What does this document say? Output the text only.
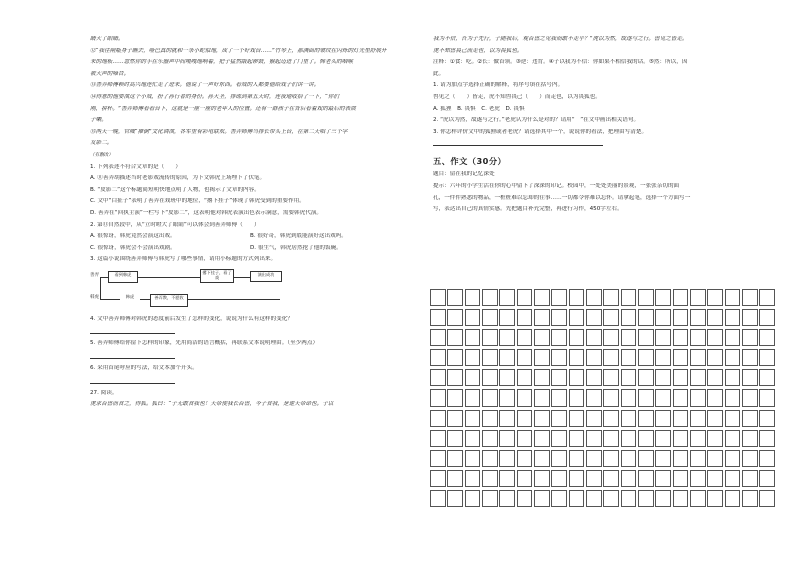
睛大了眼睛。
⑫“我往闸瓶身子瞧去，哑巴真的就和一条小蛇似地，成了一个好戏台……”竹琴上，那满面的皱纹在闪烁的灯光里舒展开
来的地板……忽然你的手在乐器声中间嘎嘎地响着，把子猛然敲起锣鼓，猴起迈进了门里了。韩老头的咽喉
被大声的嗓音。
⑬善弄师傅顿时高兴地连忙走了进来。他说了一声好东西。看戏的人都要他给戏子们讲一讲。
⑭得意的他要演这个小戏，扮了孙行者的身份。孙大圣，排练到第五天时，连夜地收拾了一下，“你们
刚，拼杯。”善弄师傅看看台下，这就是一座一座的老年人的位置。还有一群孩子在背后看着戏的最后的表演
子喇。
⑮两天一晚，官城“推倒”文化调演，各军里有彩电联欢。善弄师傅当排长带头上台，在第二天唱了三个字
友影二。
（有删改）
1. 下列表述不符合文章的是（　　）
A. ⑪善弄胡描述当时老影戏流传的原因，为下文韩虎上场埋下了伏笔。
B. “皮影二”这个标题简短明快地点明了人物，也揭示了文章的内容。
C. 文中“白扯子”表明了善弄在戏班中的地位，“撂下挂子”体现了韩虎受到的重要作用。
D. 善弄在“回执主演”一栏写下“皮影二”，这表明他对韩虎表演出色表示满意，需要韩虎代演。
2. 第⑪自然段中，从“立时瞪大了眼睛”可以体会到善弄师傅（　　）
A. 很惊讶，韩虎竟然会演这出戏。	B. 很好奇，韩虎到底能演好这出戏吗。
C. 很惊讶，韩虎会不会演出戏剧。	D. 很生气，韩虎居然抢了他的饭碗。
3. 这篇小说围绕善弄师傅与韩虎写了哪些事情，请用小标题的方式列出来。
善弄
韩虎
看到韩虎	撂下挂子，看了戏
演出成功
善弄教，不愿收
韩虎
4. 文中善弄师傅对韩虎的态度前后发生了怎样的变化，说说为什么有这样的变化？
5. 善弄师傅给你留下怎样的印象，先用简洁的语言概括，再联系文本说明理由。（至少两点）
6. 采用首尾呼应的写法，给文本加个开头。
27. 阅读。
虎求百兽而食之，得狐。狐曰：“子无敢食我也！天帝使我长百兽，今子食我，是逆天帝命也。子以
我为不信，吾为子先行，子随我后，观百兽之见我而敢不走乎？”虎以为然，故遂与之行。兽见之皆走。
虎不知兽畏己而走也，以为畏狐也。
注释：①食：吃。②长：做首领。③逆：违背。④子以我为不信：你如果不相信我的话。⑤然：所以，因
此。
1. 请为加点字选择正确的解释，将序号填在括号内。
兽见之（　　）皆走，虎不知兽畏己（　　）而走也，以为畏狐也。
A. 狐狸　B. 畏惧　C. 老虎　D. 畏惧
2. “虎以为然，故遂与之行。”老虎认为什么是对的？请用“　”在文中画出相关语句。
3. 你怎样评价文中的狐狸或者老虎？请选择其中一个，说说你的看法，把理由写清楚。
五、作文（30分）
题目：留在我的记忆深处
提示：六年的小学生活在你的心中留下了深深的印记。校园中，一处处美丽的景观，一张张亲切的面
孔，一件件熟悉的物品，一桩桩难以忘却的往事……一切都令你难以忘怀。请拿起笔，选择一个方面写一
写，表达出自己的真情实感。先把题目补充完整，再进行习作，450字左右。
